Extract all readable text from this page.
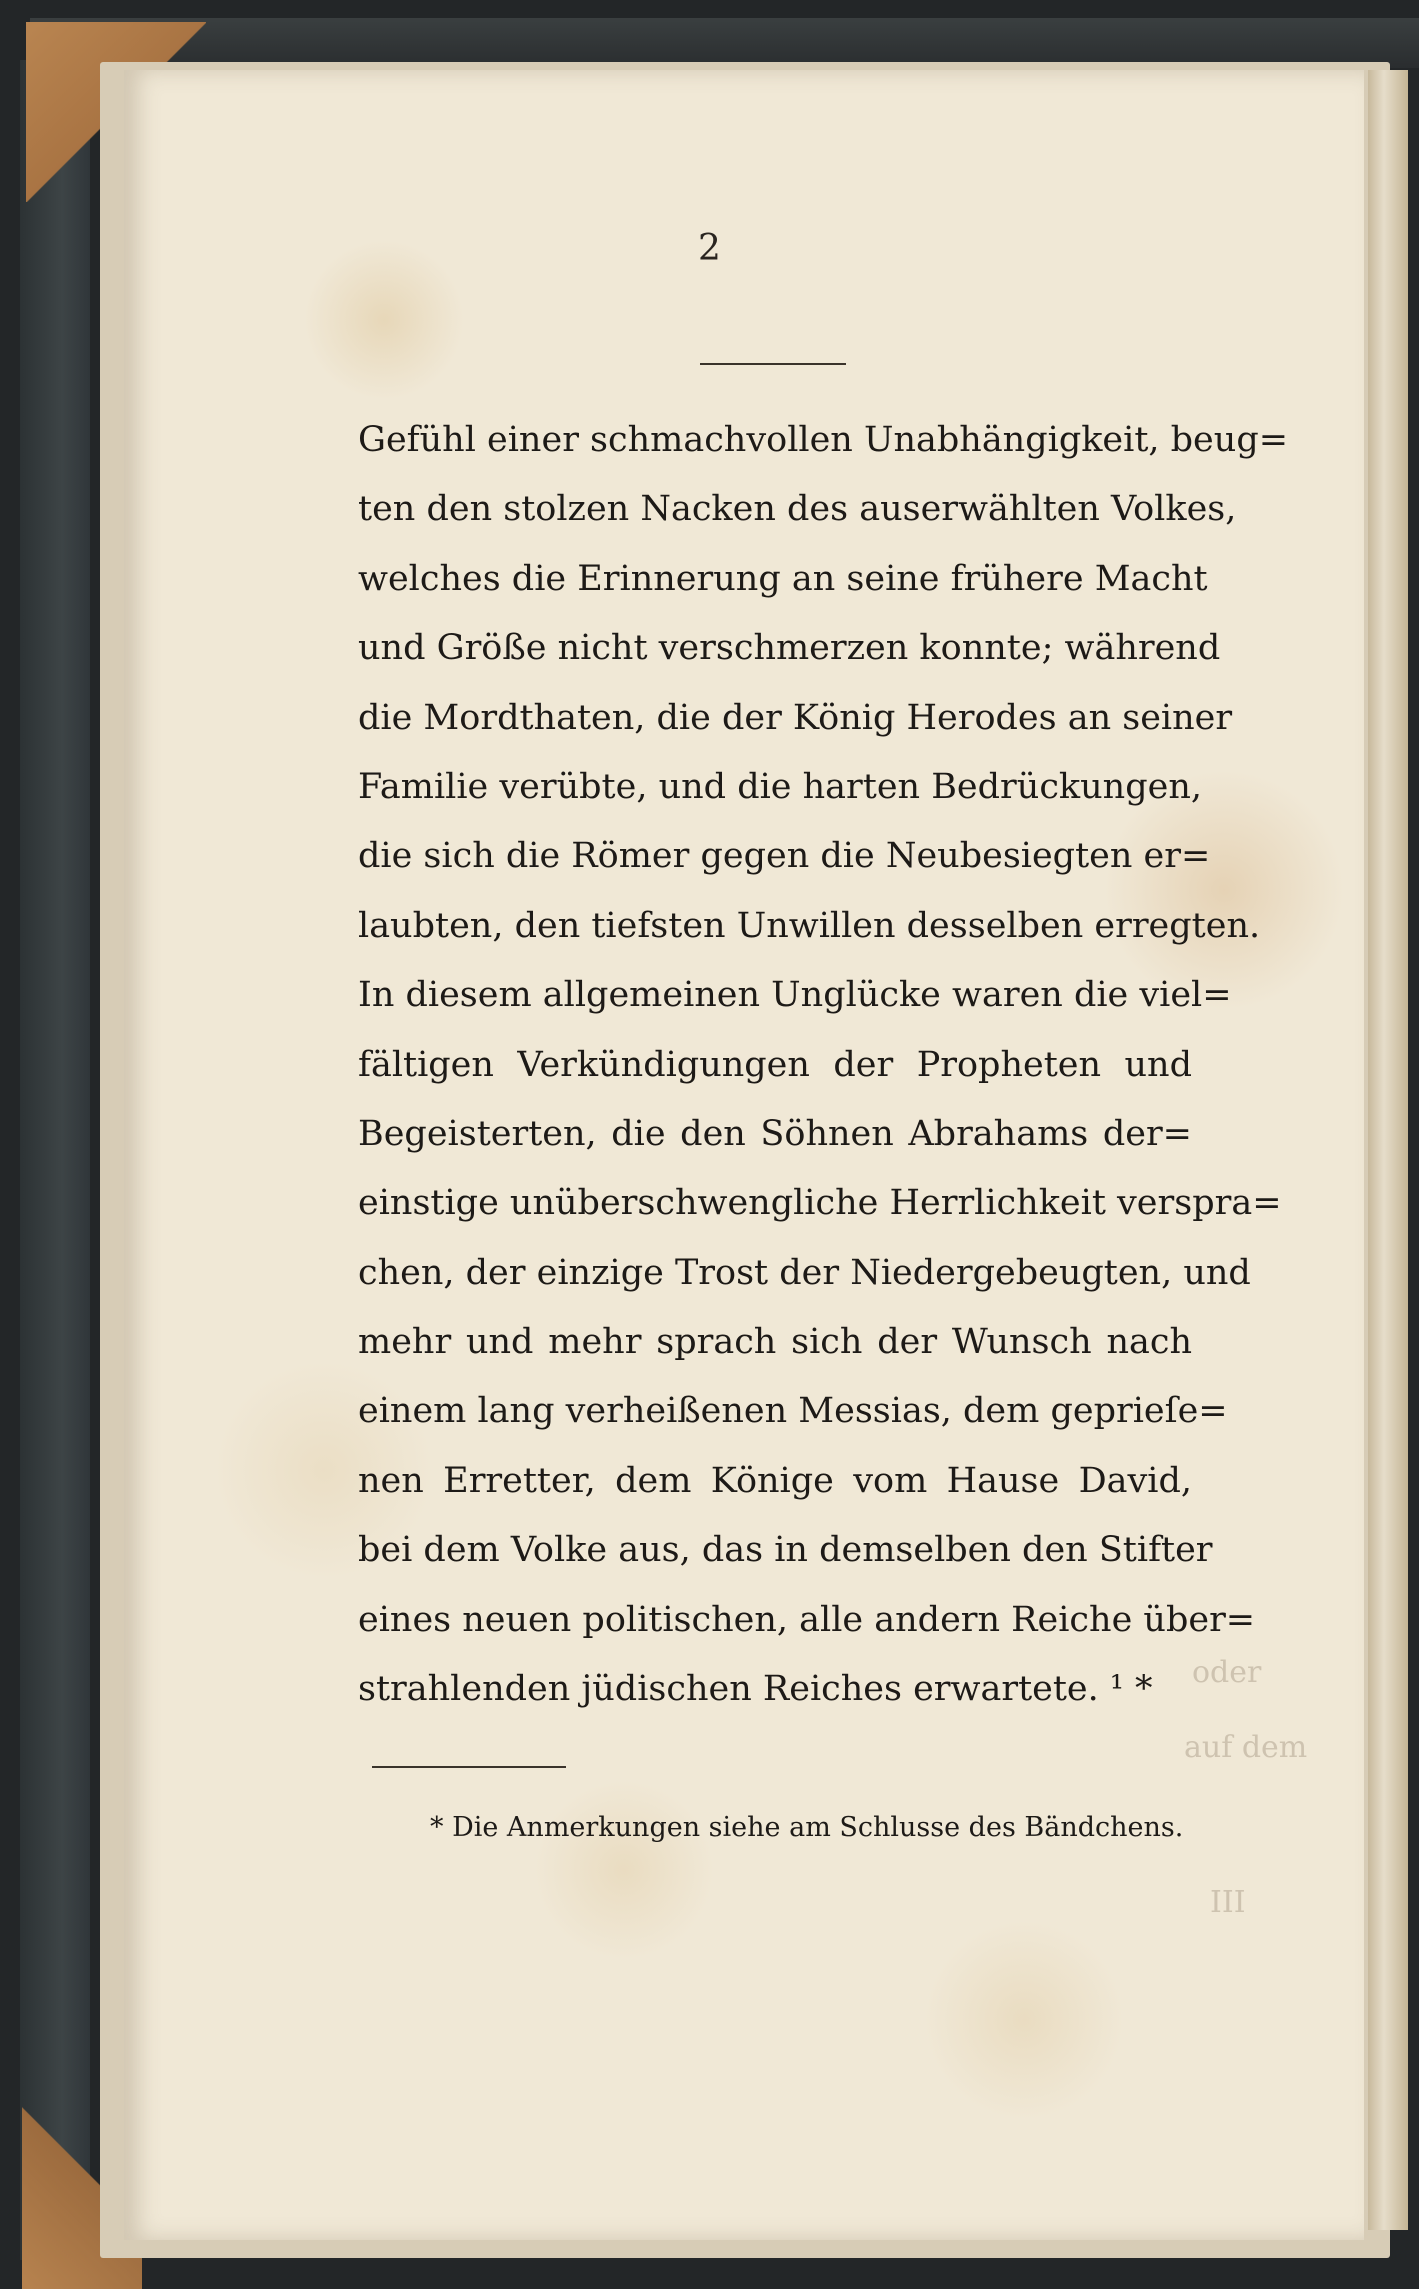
oder
auf dem
III
2
Gefühl einer schmachvollen Unabhängigkeit, beug=
ten den stolzen Nacken des auserwählten Volkes,
welches die Erinnerung an seine frühere Macht
und Größe nicht verschmerzen konnte; während
die Mordthaten, die der König Herodes an seiner
Familie verübte, und die harten Bedrückungen,
die sich die Römer gegen die Neubesiegten er=
laubten, den tiefsten Unwillen desselben erregten.
In diesem allgemeinen Unglücke waren die viel=
fältigen Verkündigungen der Propheten und
Begeisterten, die den Söhnen Abrahams der=
einstige unüberschwengliche Herrlichkeit verspra=
chen, der einzige Trost der Niedergebeugten, und
mehr und mehr sprach sich der Wunsch nach
einem lang verheißenen Messias, dem geprieſe=
nen Erretter, dem Könige vom Hause David,
bei dem Volke aus, das in demselben den Stifter
eines neuen politischen, alle andern Reiche über=
strahlenden jüdischen Reiches erwartete. ¹ *
* Die Anmerkungen siehe am Schlusse des Bändchens.
